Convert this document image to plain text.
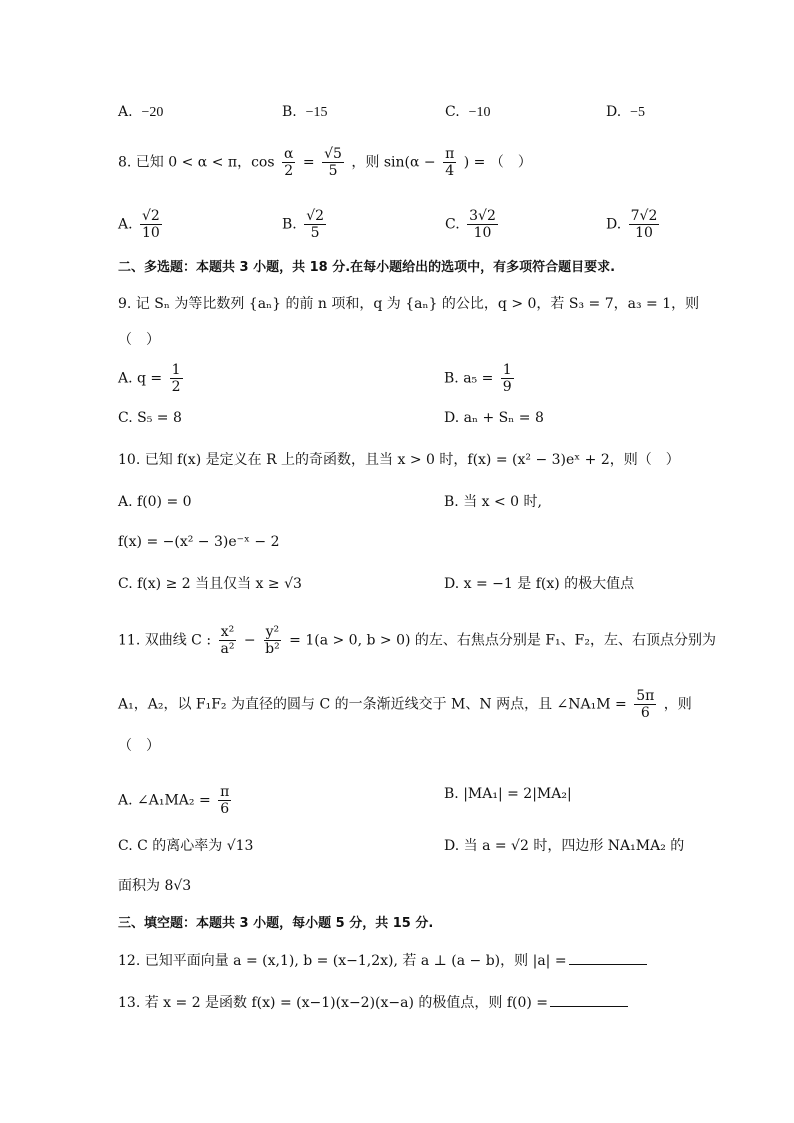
A. −20	B. −15	C. −10	D. −5
8. 已知 0 < α < π，$\cos \frac{\alpha}{2} = \frac{√5}{5}$ ，则 $\sin(\alpha - \frac{\pi}{4}$ ) = （　）
A. $\frac{√2}{10}$	B. $\frac{√2}{5}$	C. $\frac{3√2}{10}$	D. $\frac{7√2}{10}$
二、多选题：本题共 3 小题，共 18 分.在每小题给出的选项中，有多项符合题目要求.
9. 记 Sₙ 为等比数列 {aₙ} 的前 n 项和，q 为 {aₙ} 的公比，q > 0，若 S₃ = 7，a₃ = 1，则
（　）
A. $q = \frac{1}{2}$	B. $a_5 = \frac{1}{9}$
C. S₅ = 8	D. aₙ + Sₙ = 8
10. 已知 f(x) 是定义在 R 上的奇函数，且当 x > 0 时，f(x) = (x² − 3)eˣ + 2，则（　）
A. f(0) = 0	B. 当 x < 0 时,
f(x) = −(x² − 3)e⁻ˣ − 2
C. f(x) ≥ 2 当且仅当 x ≥ √3	D. x = −1 是 f(x) 的极大值点
11. 双曲线 C : $\frac{\text{x²}}{\text{a²}} - \frac{\text{y²}}{\text{b²}} = 1(a > 0$, b > 0) 的左、右焦点分别是 F₁、F₂，左、右顶点分别为
A₁，A₂，以 F₁F₂ 为直径的圆与 C 的一条渐近线交于 M、N 两点，且 ∠NA₁M = $\frac{5\pi}{6}$ ，则
（　）
A. ∠A₁MA₂ = $\frac{\pi}{6}$	B. |MA₁| = 2|MA₂|
C. C 的离心率为 √13	D. 当 a = √2 时，四边形 NA₁MA₂ 的
面积为 8√3
三、填空题：本题共 3 小题，每小题 5 分，共 15 分.
12. 已知平面向量 a = (x,1), b = (x−1,2x), 若 a ⊥ (a − b)，则 |a| =
13. 若 x = 2 是函数 f(x) = (x−1)(x−2)(x−a) 的极值点，则 f(0) =
